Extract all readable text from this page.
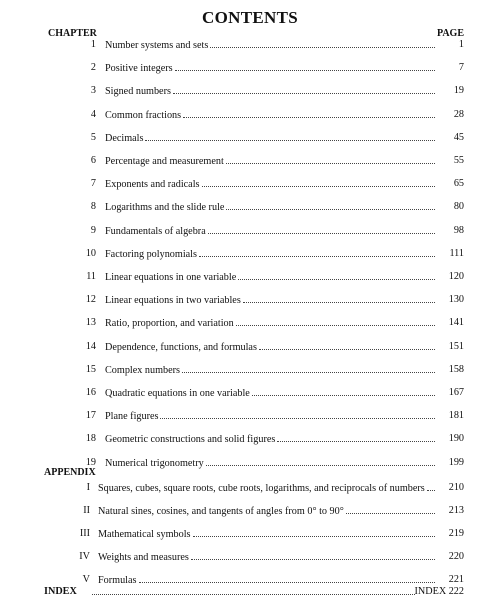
CONTENTS
CHAPTER	PAGE
1 Number systems and sets	1
2 Positive integers	7
3 Signed numbers	19
4 Common fractions	28
5 Decimals	45
6 Percentage and measurement	55
7 Exponents and radicals	65
8 Logarithms and the slide rule	80
9 Fundamentals of algebra	98
10 Factoring polynomials	111
11 Linear equations in one variable	120
12 Linear equations in two variables	130
13 Ratio, proportion, and variation	141
14 Dependence, functions, and formulas	151
15 Complex numbers	158
16 Quadratic equations in one variable	167
17 Plane figures	181
18 Geometric constructions and solid figures	190
19 Numerical trigonometry	199
APPENDIX
I Squares, cubes, square roots, cube roots, logarithms, and reciprocals of numbers 210
II Natural sines, cosines, and tangents of angles from 0° to 90°	213
III Mathematical symbols	219
IV Weights and measures	220
V Formulas	221
INDEX	INDEX 222
